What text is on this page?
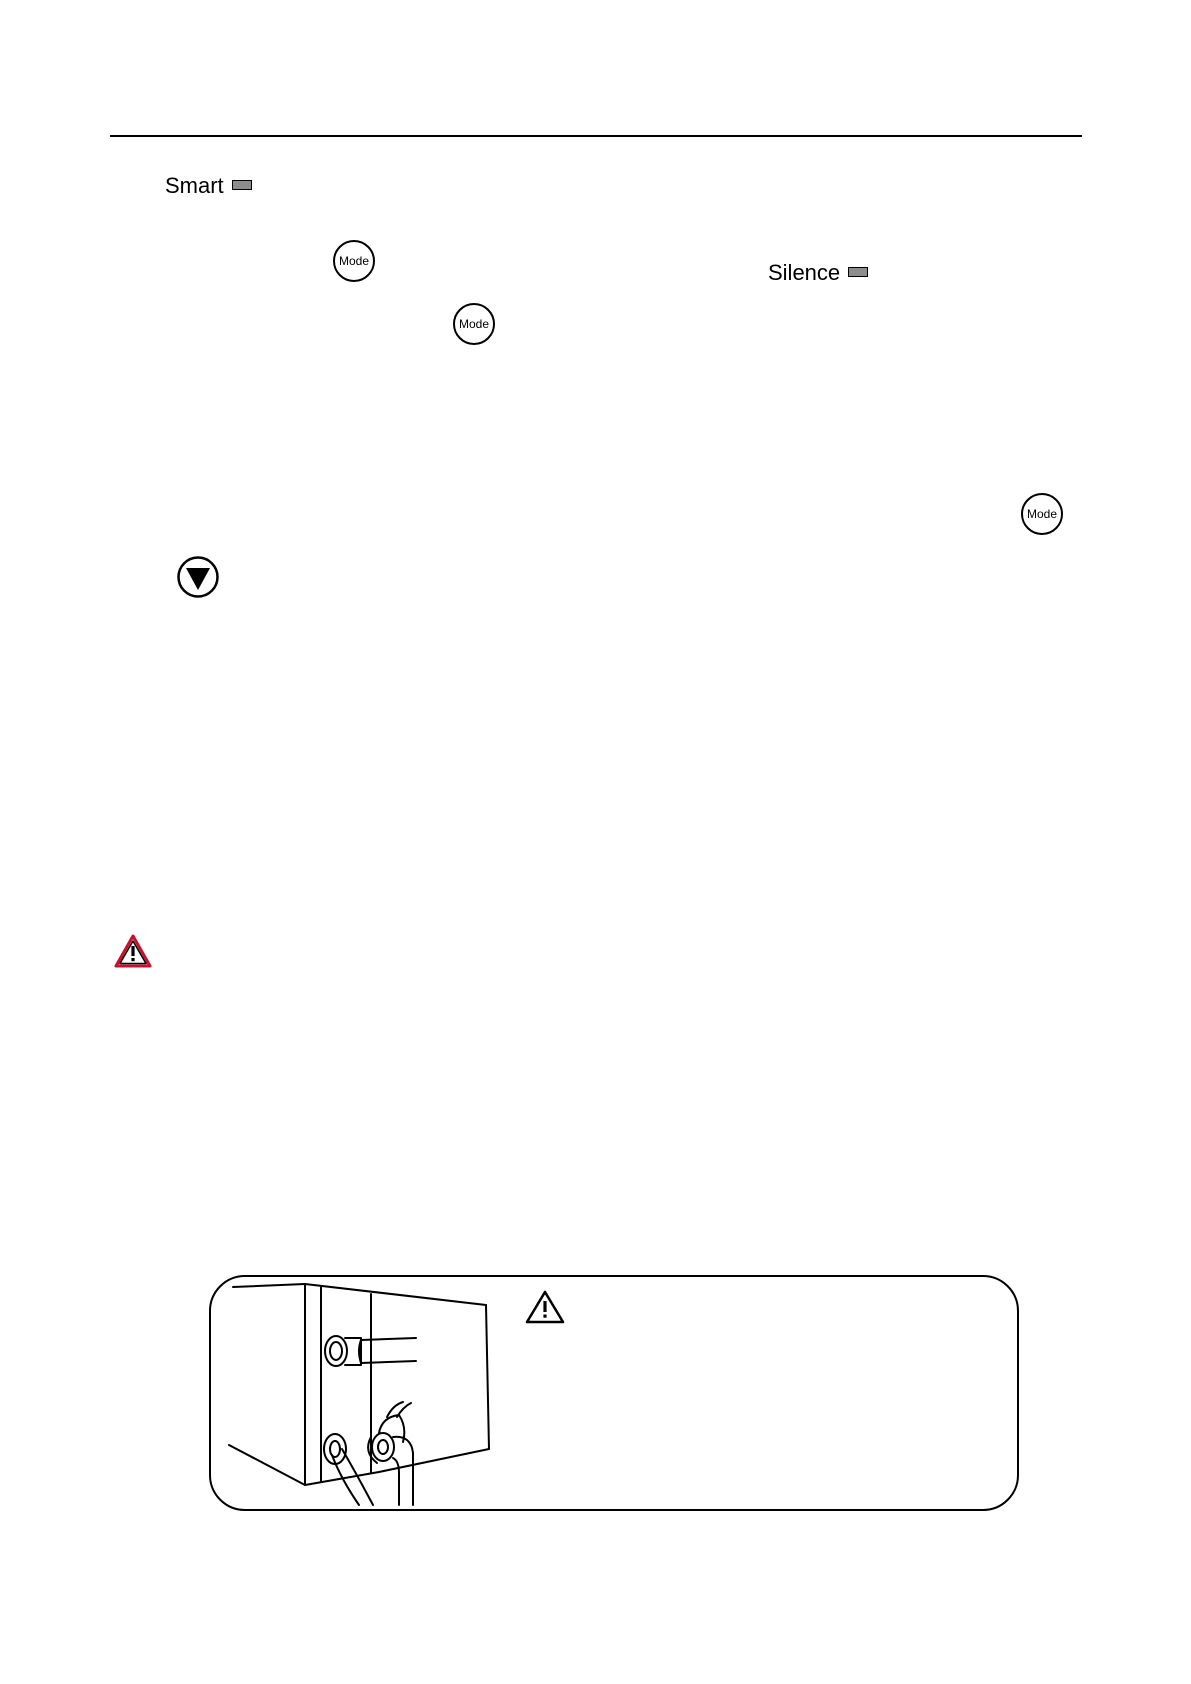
Smart
Mode	Silence
Mode
Mode
